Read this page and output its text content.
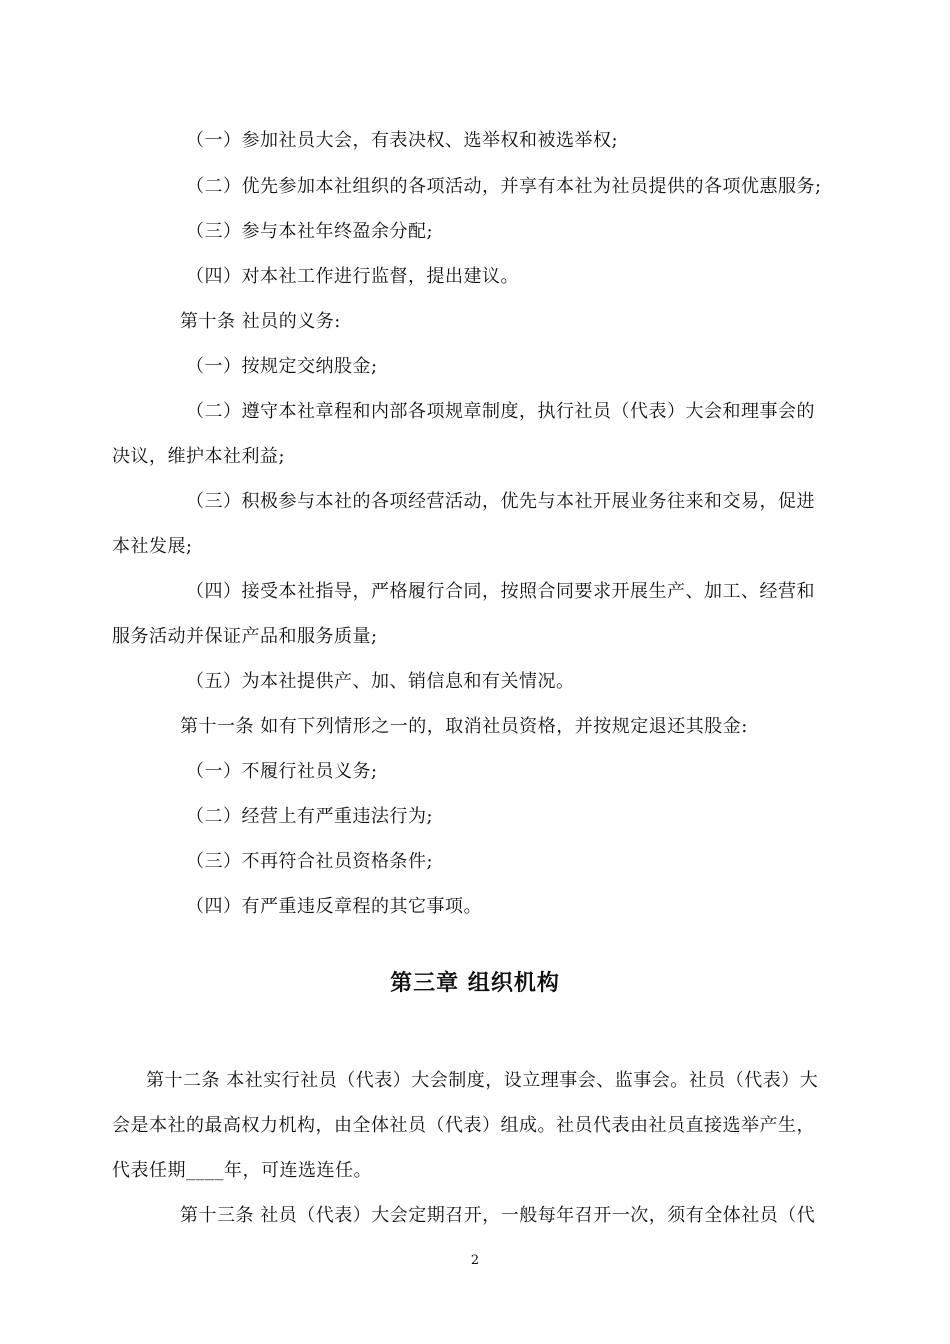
（一）参加社员大会，有表决权、选举权和被选举权;
（二）优先参加本社组织的各项活动，并享有本社为社员提供的各项优惠服务;
（三）参与本社年终盈余分配;
（四）对本社工作进行监督，提出建议。
第十条 社员的义务:
（一）按规定交纳股金;
（二）遵守本社章程和内部各项规章制度，执行社员（代表）大会和理事会的
决议，维护本社利益;
（三）积极参与本社的各项经营活动，优先与本社开展业务往来和交易，促进
本社发展;
（四）接受本社指导，严格履行合同，按照合同要求开展生产、加工、经营和
服务活动并保证产品和服务质量;
（五）为本社提供产、加、销信息和有关情况。
第十一条 如有下列情形之一的，取消社员资格，并按规定退还其股金:
（一）不履行社员义务;
（二）经营上有严重违法行为;
（三）不再符合社员资格条件;
（四）有严重违反章程的其它事项。
第三章 组织机构
第十二条 本社实行社员（代表）大会制度，设立理事会、监事会。社员（代表）大
会是本社的最高权力机构，由全体社员（代表）组成。社员代表由社员直接选举产生，
代表任期____年，可连选连任。
第十三条 社员（代表）大会定期召开，一般每年召开一次，须有全体社员（代
2
